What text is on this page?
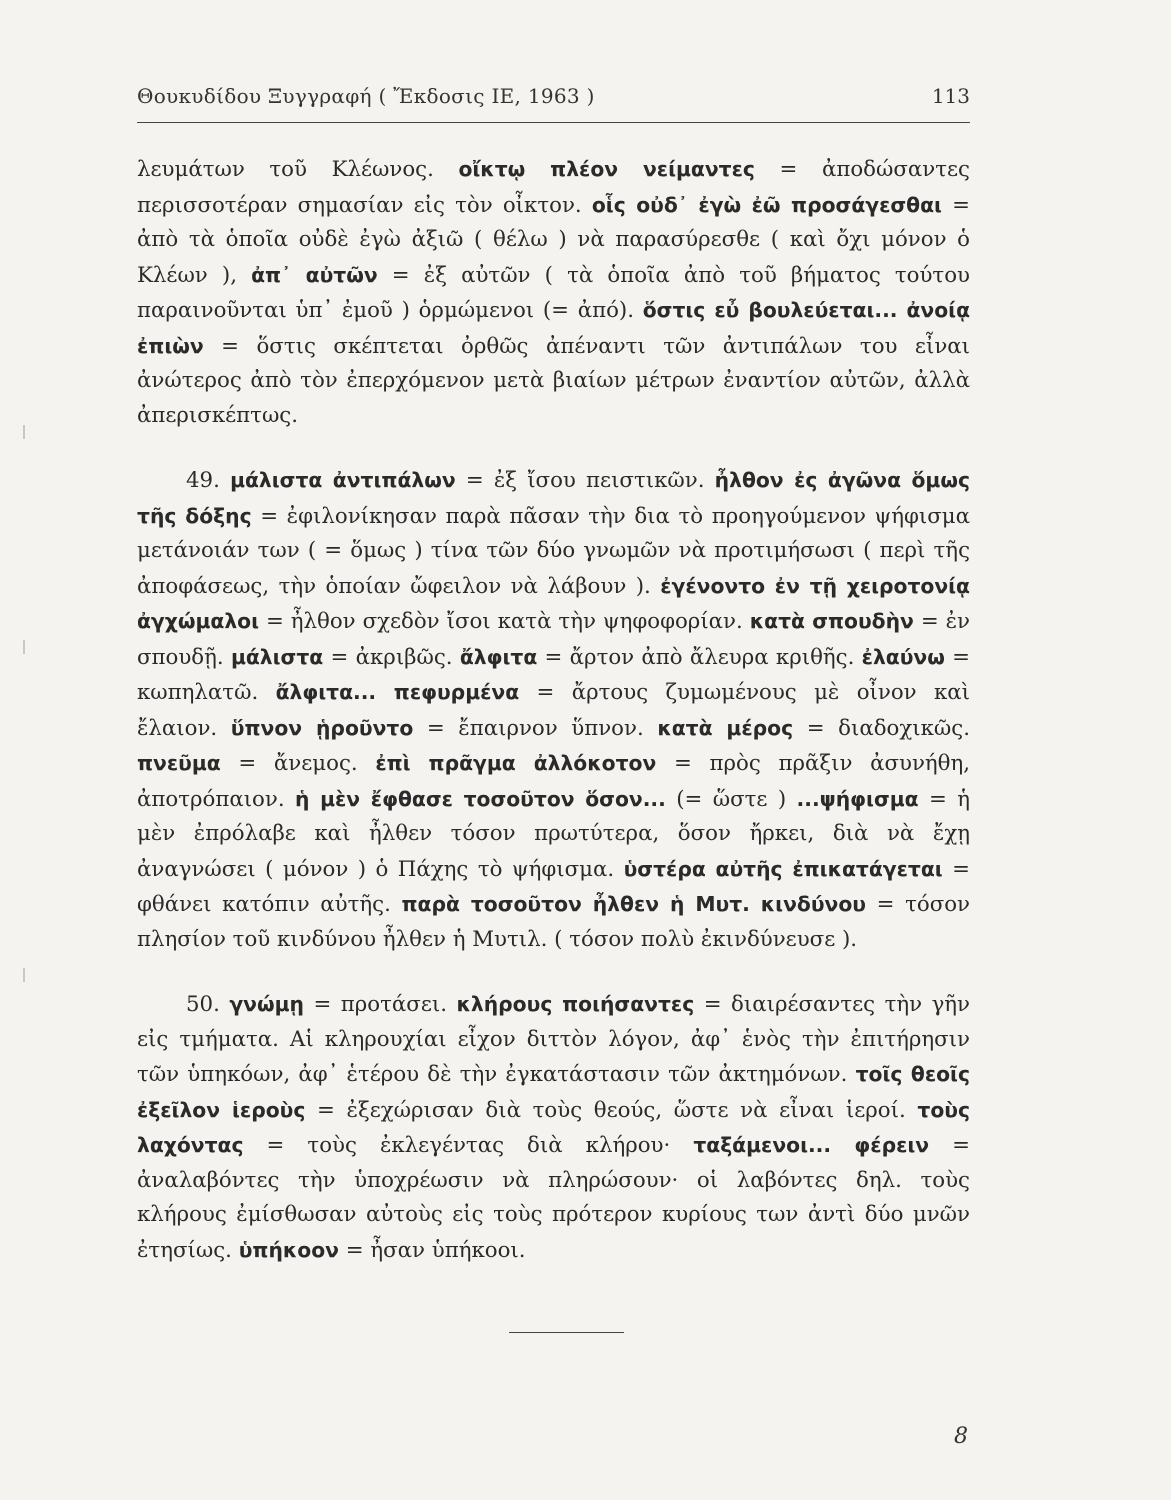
Θουκυδίδου Ξυγγραφή ( Ἔκδοσις ΙΕ, 1963 )	113

λευμάτων τοῦ Κλέωνος. οἴκτῳ πλέον νείμαντες = ἀποδώσαντες περισσοτέραν σημασίαν εἰς τὸν οἶκτον. οἷς οὐδ᾽ ἐγὼ ἐῶ προσάγεσθαι = ἀπὸ τὰ ὁποῖα οὐδὲ ἐγὼ ἀξιῶ ( θέλω ) νὰ παρασύρεσθε ( καὶ ὄχι μόνον ὁ Κλέων ), ἀπ᾽ αὐτῶν = ἐξ αὐτῶν ( τὰ ὁποῖα ἀπὸ τοῦ βήματος τούτου παραινοῦνται ὑπ᾽ ἐμοῦ ) ὁρμώμενοι (= ἀπό). ὅστις εὖ βουλεύεται... ἀνοίᾳ ἐπιὼν = ὅστις σκέπτεται ὀρθῶς ἀπέναντι τῶν ἀντιπάλων του εἶναι ἀνώτερος ἀπὸ τὸν ἐπερχόμενον μετὰ βιαίων μέτρων ἐναντίον αὐτῶν, ἀλλὰ ἀπερισκέπτως.

49. μάλιστα ἀντιπάλων = ἐξ ἴσου πειστικῶν. ἦλθον ἐς ἀγῶνα ὅμως τῆς δόξης = ἐφιλονίκησαν παρὰ πᾶσαν τὴν δια τὸ προηγούμενον ψήφισμα μετάνοιάν των ( = ὅμως ) τίνα τῶν δύο γνωμῶν νὰ προτιμήσωσι ( περὶ τῆς ἀποφάσεως, τὴν ὁποίαν ὤφειλον νὰ λάβουν ). ἐγένοντο ἐν τῇ χειροτονίᾳ ἀγχώμαλοι = ἦλθον σχεδὸν ἴσοι κατὰ τὴν ψηφοφορίαν. κατὰ σπουδὴν = ἐν σπουδῇ. μάλιστα = ἀκριβῶς. ἄλφιτα = ἄρτον ἀπὸ ἄλευρα κριθῆς. ἐλαύνω = κωπηλατῶ. ἄλφιτα... πεφυρμένα = ἄρτους ζυμωμένους μὲ οἶνον καὶ ἔλαιον. ὕπνον ᾑροῦντο = ἔπαιρνον ὕπνον. κατὰ μέρος = διαδοχικῶς. πνεῦμα = ἄνεμος. ἐπὶ πρᾶγμα ἀλλόκοτον = πρὸς πρᾶξιν ἀσυνήθη, ἀποτρόπαιον. ἡ μὲν ἔφθασε τοσοῦτον ὅσον... (= ὥστε ) ...ψήφισμα = ἡ μὲν ἐπρόλαβε καὶ ἦλθεν τόσον πρωτύτερα, ὅσον ἤρκει, διὰ νὰ ἔχῃ ἀναγνώσει ( μόνον ) ὁ Πάχης τὸ ψήφισμα. ὑστέρα αὐτῆς ἐπικατάγεται = φθάνει κατόπιν αὐτῆς. παρὰ τοσοῦτον ἦλθεν ἡ Μυτ. κινδύνου = τόσον πλησίον τοῦ κινδύνου ἦλθεν ἡ Μυτιλ. ( τόσον πολὺ ἐκινδύνευσε ).

50. γνώμῃ = προτάσει. κλήρους ποιήσαντες = διαιρέσαντες τὴν γῆν εἰς τμήματα. Αἱ κληρουχίαι εἶχον διττὸν λόγον, ἀφ᾽ ἑνὸς τὴν ἐπιτήρησιν τῶν ὑπηκόων, ἀφ᾽ ἑτέρου δὲ τὴν ἐγκατάστασιν τῶν ἀκτημόνων. τοῖς θεοῖς ἐξεῖλον ἱεροὺς = ἐξεχώρισαν διὰ τοὺς θεούς, ὥστε νὰ εἶναι ἱεροί. τοὺς λαχόντας = τοὺς ἐκλεγέντας διὰ κλήρου· ταξάμενοι... φέρειν = ἀναλαβόντες τὴν ὑποχρέωσιν νὰ πληρώσουν· οἱ λαβόντες δηλ. τοὺς κλήρους ἐμίσθωσαν αὐτοὺς εἰς τοὺς πρότερον κυρίους των ἀντὶ δύο μνῶν ἐτησίως. ὑπήκοον = ἦσαν ὑπήκοοι.

8
